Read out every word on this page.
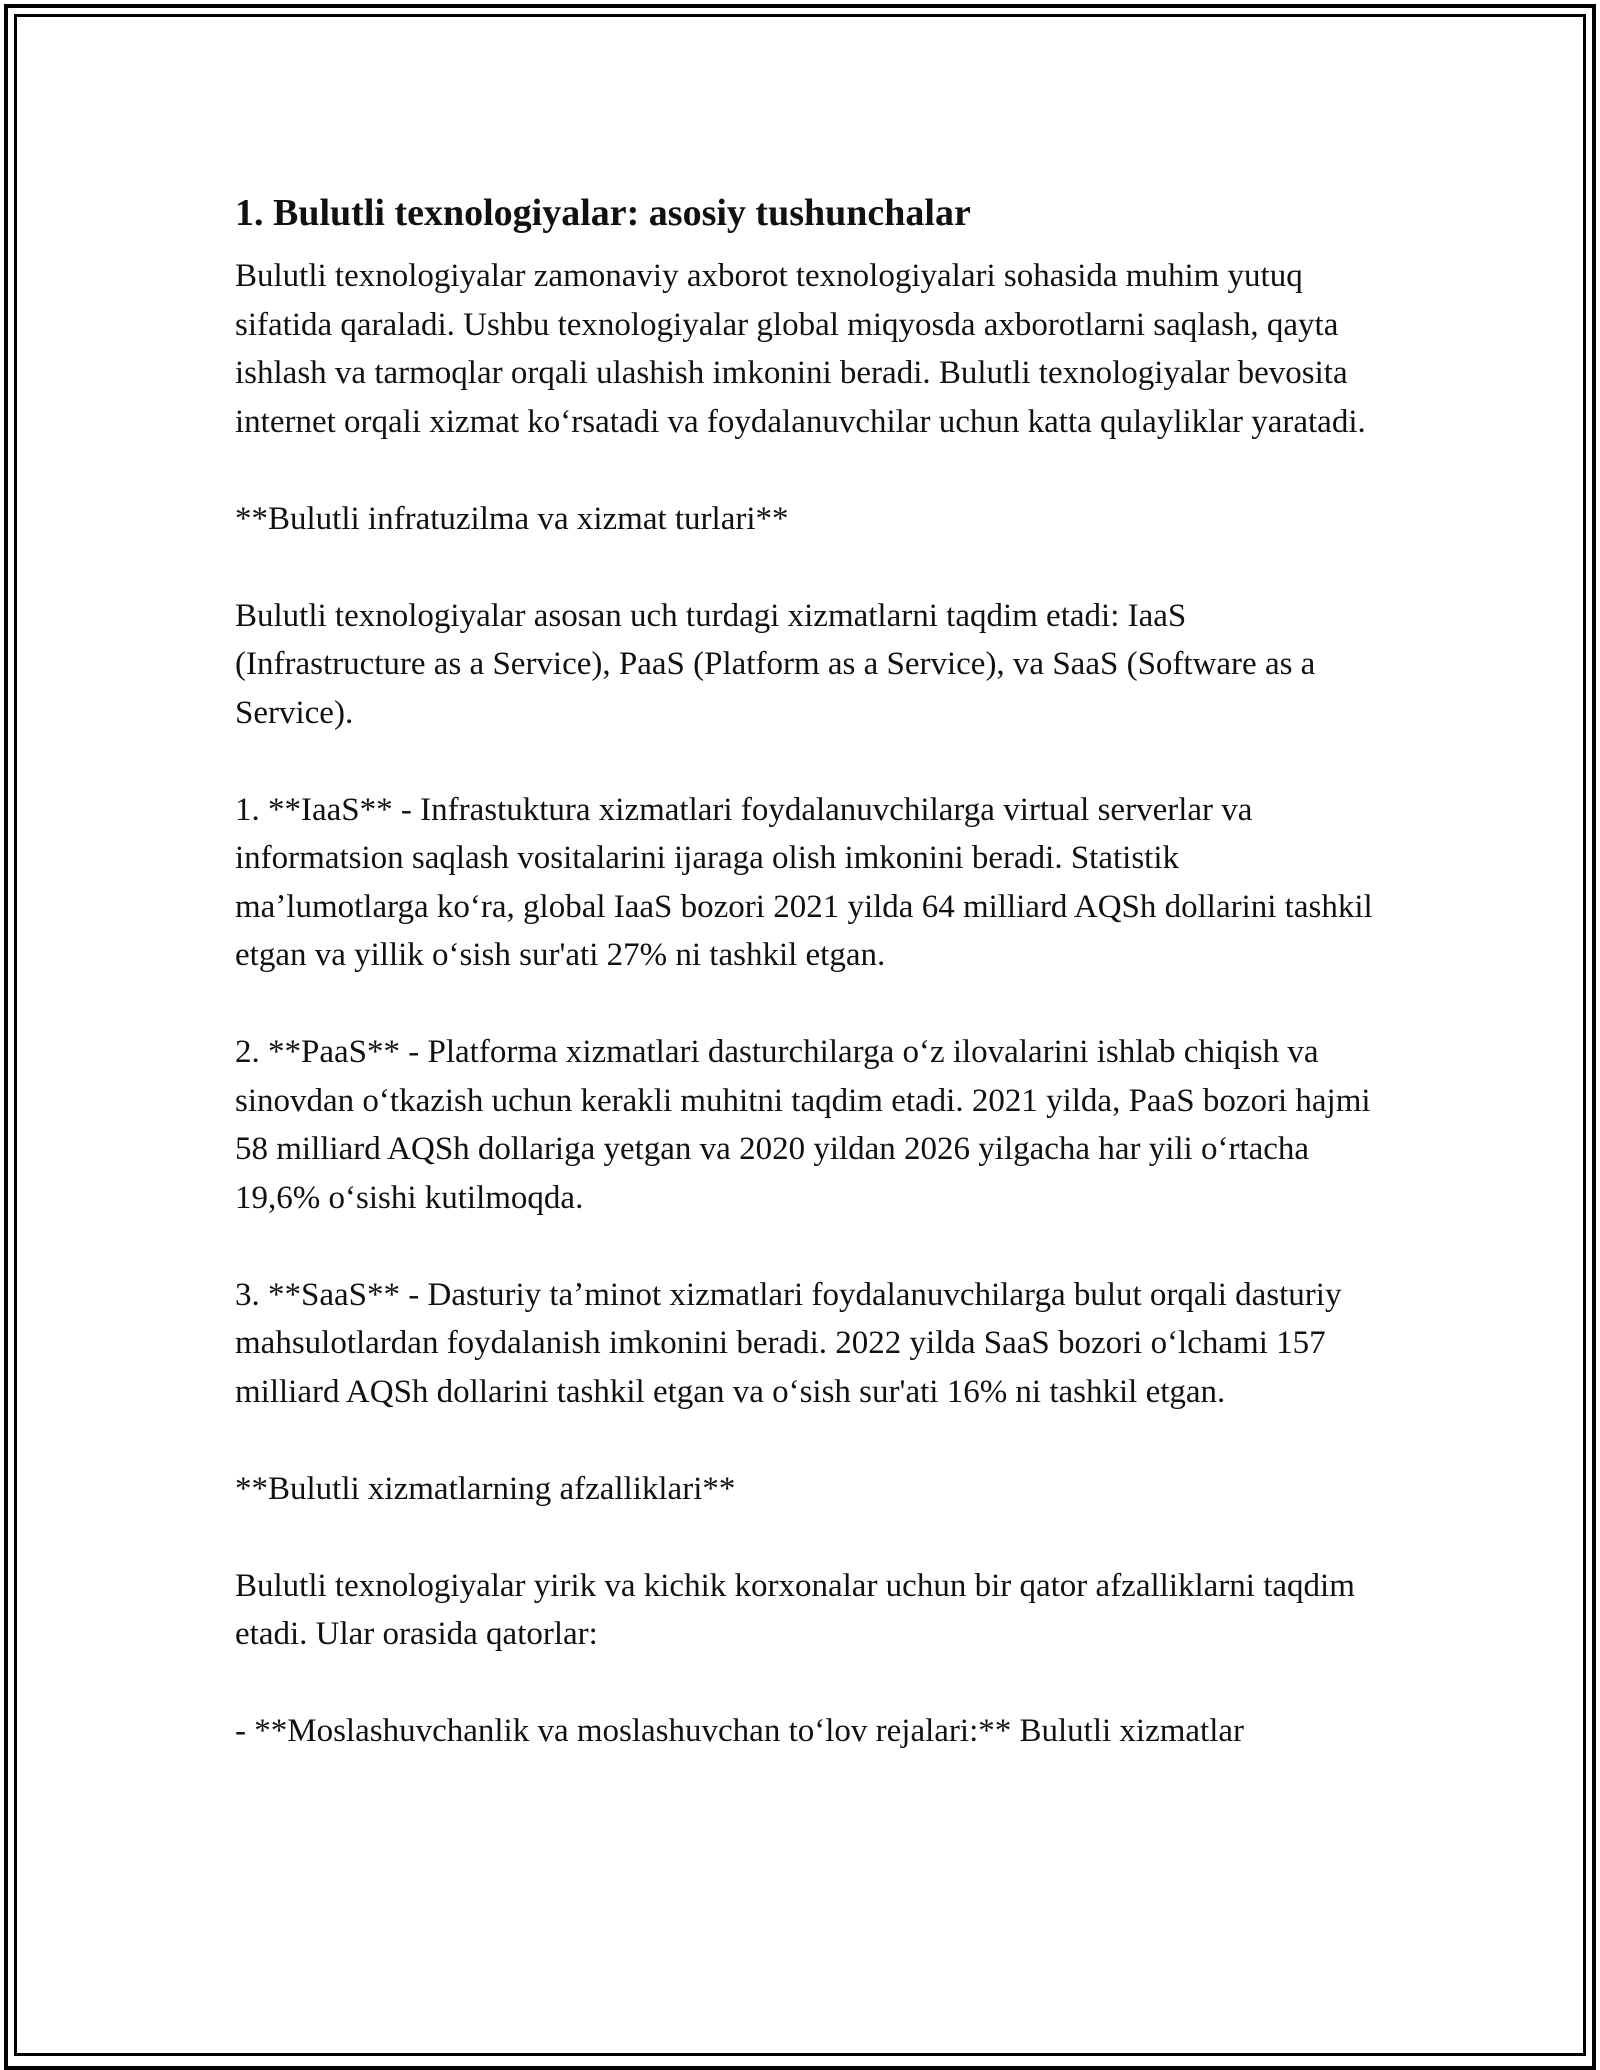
1. Bulutli texnologiyalar: asosiy tushunchalar

Bulutli texnologiyalar zamonaviy axborot texnologiyalari sohasida muhim yutuq sifatida qaraladi. Ushbu texnologiyalar global miqyosda axborotlarni saqlash, qayta ishlash va tarmoqlar orqali ulashish imkonini beradi. Bulutli texnologiyalar bevosita internet orqali xizmat koʻrsatadi va foydalanuvchilar uchun katta qulayliklar yaratadi.

**Bulutli infratuzilma va xizmat turlari**

Bulutli texnologiyalar asosan uch turdagi xizmatlarni taqdim etadi: IaaS (Infrastructure as a Service), PaaS (Platform as a Service), va SaaS (Software as a Service).

1. **IaaS** - Infrastuktura xizmatlari foydalanuvchilarga virtual serverlar va informatsion saqlash vositalarini ijaraga olish imkonini beradi. Statistik maʼlumotlarga koʻra, global IaaS bozori 2021 yilda 64 milliard AQSh dollarini tashkil etgan va yillik oʻsish sur'ati 27% ni tashkil etgan.

2. **PaaS** - Platforma xizmatlari dasturchilarga oʻz ilovalarini ishlab chiqish va sinovdan oʻtkazish uchun kerakli muhitni taqdim etadi. 2021 yilda, PaaS bozori hajmi 58 milliard AQSh dollariga yetgan va 2020 yildan 2026 yilgacha har yili oʻrtacha 19,6% oʻsishi kutilmoqda.

3. **SaaS** - Dasturiy taʼminot xizmatlari foydalanuvchilarga bulut orqali dasturiy mahsulotlardan foydalanish imkonini beradi. 2022 yilda SaaS bozori oʻlchami 157 milliard AQSh dollarini tashkil etgan va oʻsish sur'ati 16% ni tashkil etgan.

**Bulutli xizmatlarning afzalliklari**

Bulutli texnologiyalar yirik va kichik korxonalar uchun bir qator afzalliklarni taqdim etadi. Ular orasida qatorlar:

- **Moslashuvchanlik va moslashuvchan toʻlov rejalari:** Bulutli xizmatlar
